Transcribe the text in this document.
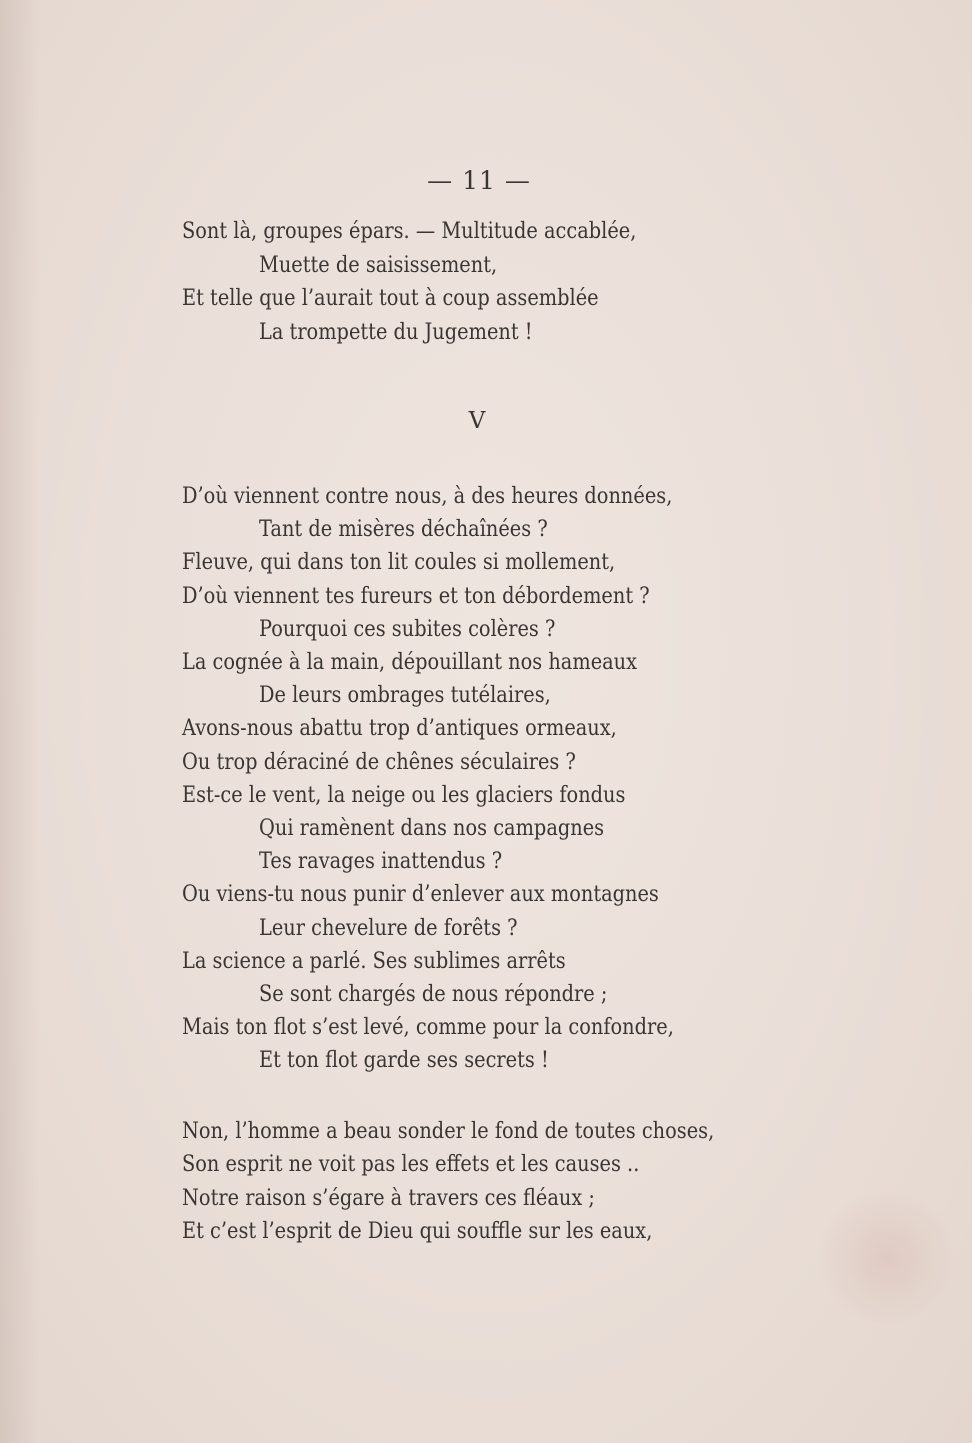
— 11 —
Sont là, groupes épars. — Multitude accablée,
Muette de saisissement,
Et telle que l’aurait tout à coup assemblée
La trompette du Jugement !
V
D’où viennent contre nous, à des heures données,
Tant de misères déchaînées ?
Fleuve, qui dans ton lit coules si mollement,
D’où viennent tes fureurs et ton débordement ?
Pourquoi ces subites colères ?
La cognée à la main, dépouillant nos hameaux
De leurs ombrages tutélaires,
Avons-nous abattu trop d’antiques ormeaux,
Ou trop déraciné de chênes séculaires ?
Est-ce le vent, la neige ou les glaciers fondus
Qui ramènent dans nos campagnes
Tes ravages inattendus ?
Ou viens-tu nous punir d’enlever aux montagnes
Leur chevelure de forêts ?
La science a parlé. Ses sublimes arrêts
Se sont chargés de nous répondre ;
Mais ton flot s’est levé, comme pour la confondre,
Et ton flot garde ses secrets !
Non, l’homme a beau sonder le fond de toutes choses,
Son esprit ne voit pas les effets et les causes ..
Notre raison s’égare à travers ces fléaux ;
Et c’est l’esprit de Dieu qui souffle sur les eaux,
